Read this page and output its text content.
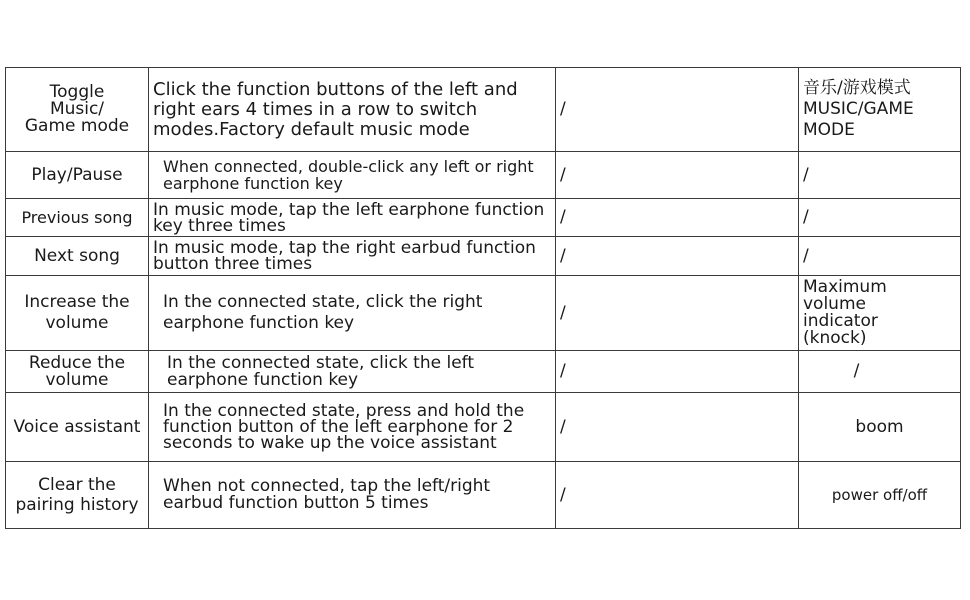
Toggle Music/ Game mode	Click the function buttons of the left and right ears 4 times in a row to switch modes.Factory default music mode	/	音乐/游戏模式 MUSIC/GAME MODE
Play/Pause	When connected, double-click any left or right earphone function key	/	/
Previous song	In music mode, tap the left earphone function key three times	/	/
Next song	In music mode, tap the right earbud function button three times	/	/
Increase the volume	In the connected state, click the right earphone function key	/	Maximum volume indicator (knock)
Reduce the volume	In the connected state, click the left earphone function key	/	/
Voice assistant	In the connected state, press and hold the function button of the left earphone for 2 seconds to wake up the voice assistant	/	boom
Clear the pairing history	When not connected, tap the left/right earbud function button 5 times	/	power off/off
